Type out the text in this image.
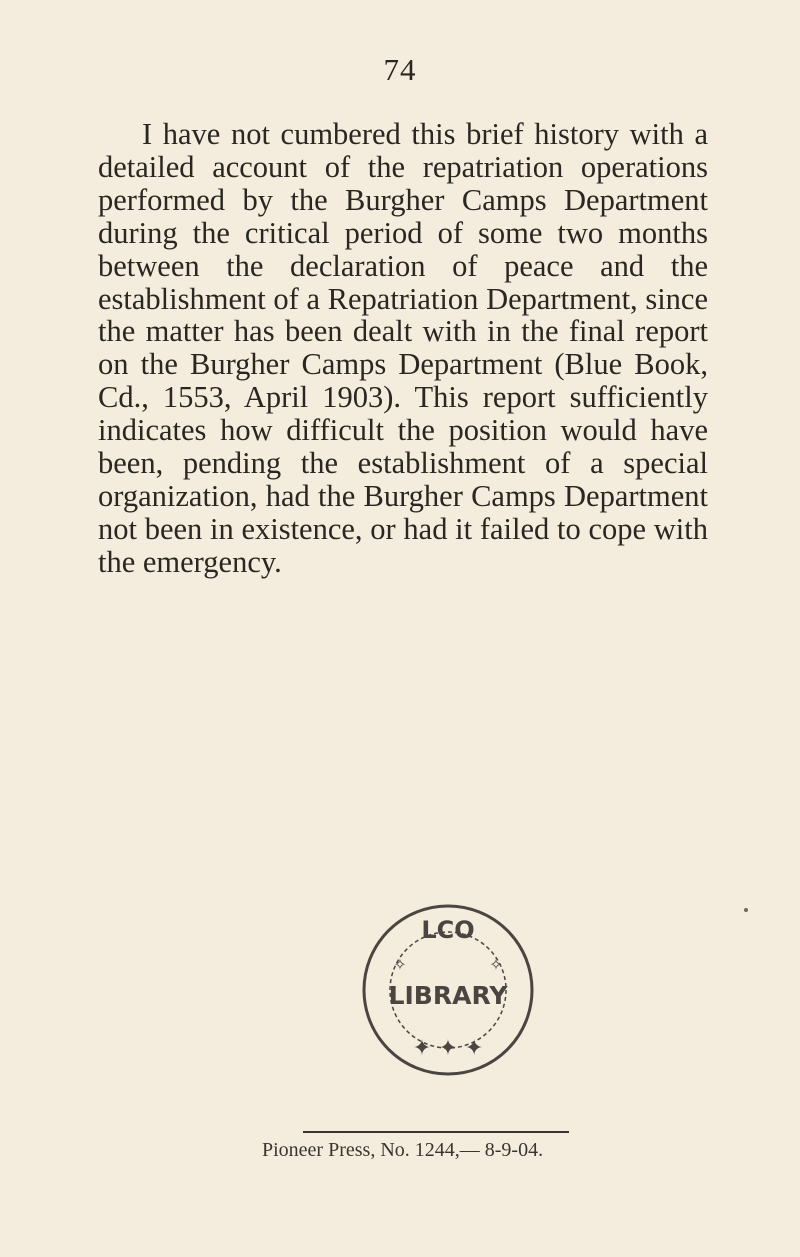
74

I have not cumbered this brief history with a detailed account of the repatriation operations performed by the Burgher Camps Department during the critical period of some two months between the declaration of peace and the establishment of a Repatriation Department, since the matter has been dealt with in the final report on the Burgher Camps Department (Blue Book, Cd., 1553, April 1903). This report sufficiently indicates how difficult the position would have been, pending the establishment of a special organization, had the Burgher Camps Department not been in existence, or had it failed to cope with the emergency.

LCO
✧	✧
LIBRARY
✦ ✦ ✦
Pioneer Press, No. 1244,— 8-9-04.
